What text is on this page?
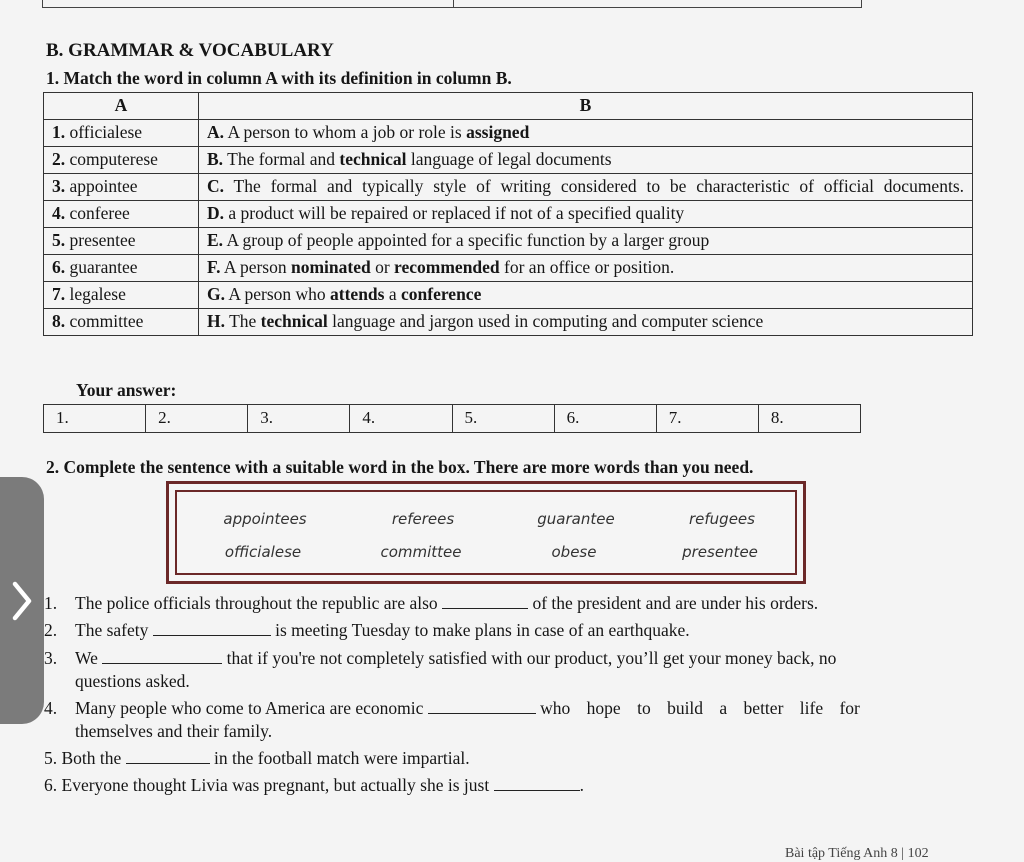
B. GRAMMAR & VOCABULARY
1. Match the word in column A with its definition in column B.
A	B
1. officialese	A. A person to whom a job or role is assigned
2. computerese	B. The formal and technical language of legal documents
3. appointee	C. The formal and typically style of writing considered to be characteristic of official documents.
4. conferee	D. a product will be repaired or replaced if not of a specified quality
5. presentee	E. A group of people appointed for a specific function by a larger group
6. guarantee	F. A person nominated or recommended for an office or position.
7. legalese	G. A person who attends a conference
8. committee	H. The technical language and jargon used in computing and computer science
Your answer:
1.	2.	3.	4.	5.	6.	7.	8.
2. Complete the sentence with a suitable word in the box. There are more words than you need.
appointees	referees	guarantee	refugees
officialese	committee	obese	presentee
1. The police officials throughout the republic are also	of the president and are under his orders.
2. The safety	is meeting Tuesday to make plans in case of an earthquake.
3. We	that if you're not completely satisfied with our product, you’ll get your money back, no
questions asked.
4. Many people who come to America are economic	who hope to build a better life for
themselves and their family.
5. Both the	in the football match were impartial.
6. Everyone thought Livia was pregnant, but actually she is just	.
Bài tập Tiếng Anh 8 | 102
